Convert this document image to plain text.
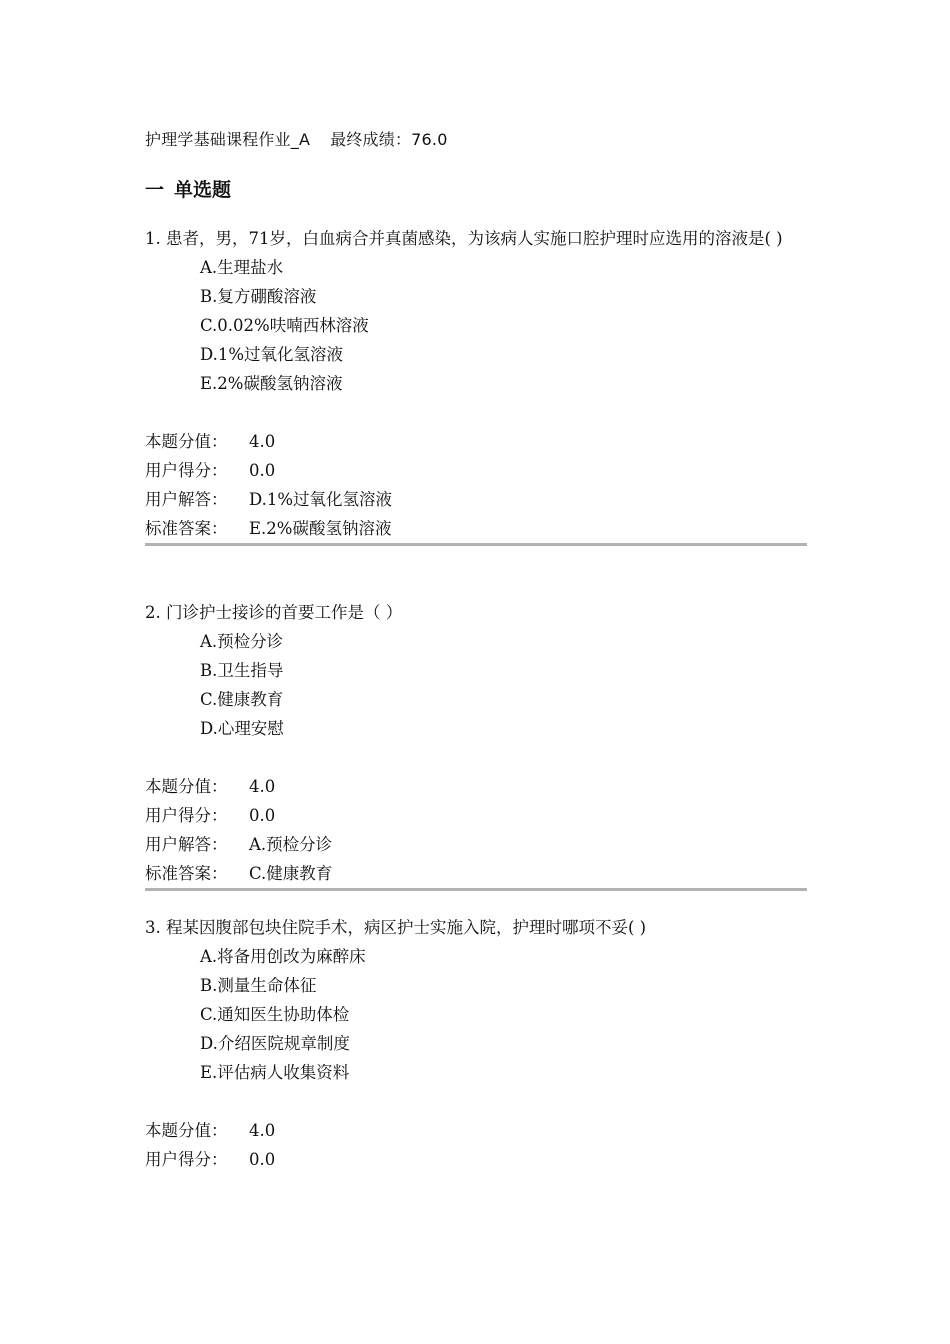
护理学基础课程作业_A 最终成绩：76.0
一 单选题
1. 患者，男，71岁，白血病合并真菌感染，为该病人实施口腔护理时应选用的溶液是( )
A.生理盐水
B.复方硼酸溶液
C.0.02%呋喃西林溶液
D.1%过氧化氢溶液
E.2%碳酸氢钠溶液
本题分值： 4.0
用户得分： 0.0
用户解答： D.1%过氧化氢溶液
标准答案： E.2%碳酸氢钠溶液
2. 门诊护士接诊的首要工作是（ ）
A.预检分诊
B.卫生指导
C.健康教育
D.心理安慰
本题分值： 4.0
用户得分： 0.0
用户解答： A.预检分诊
标准答案： C.健康教育
3. 程某因腹部包块住院手术，病区护士实施入院，护理时哪项不妥( )
A.将备用创改为麻醉床
B.测量生命体征
C.通知医生协助体检
D.介绍医院规章制度
E.评估病人收集资料
本题分值： 4.0
用户得分： 0.0
